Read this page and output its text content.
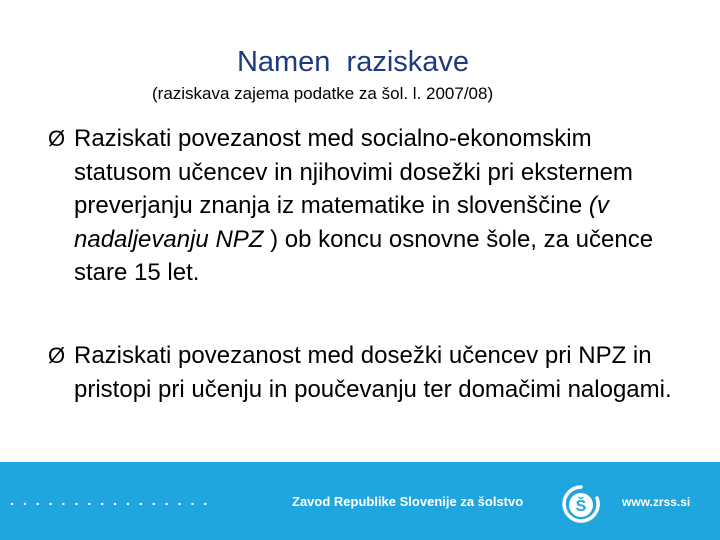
Namen  raziskave
(raziskava zajema podatke za šol. l. 2007/08)
Ø Raziskati povezanost med socialno-ekonomskim statusom učencev in njihovimi dosežki pri eksternem preverjanju znanja iz matematike in slovenščine (v nadaljevanju NPZ ) ob koncu osnovne šole, za učence stare 15 let.
Ø Raziskati povezanost med dosežki učencev pri NPZ in pristopi pri učenju in poučevanju ter domačimi nalogami.
................	Zavod Republike Slovenije za šolstvo	Š	www.zrss.si
